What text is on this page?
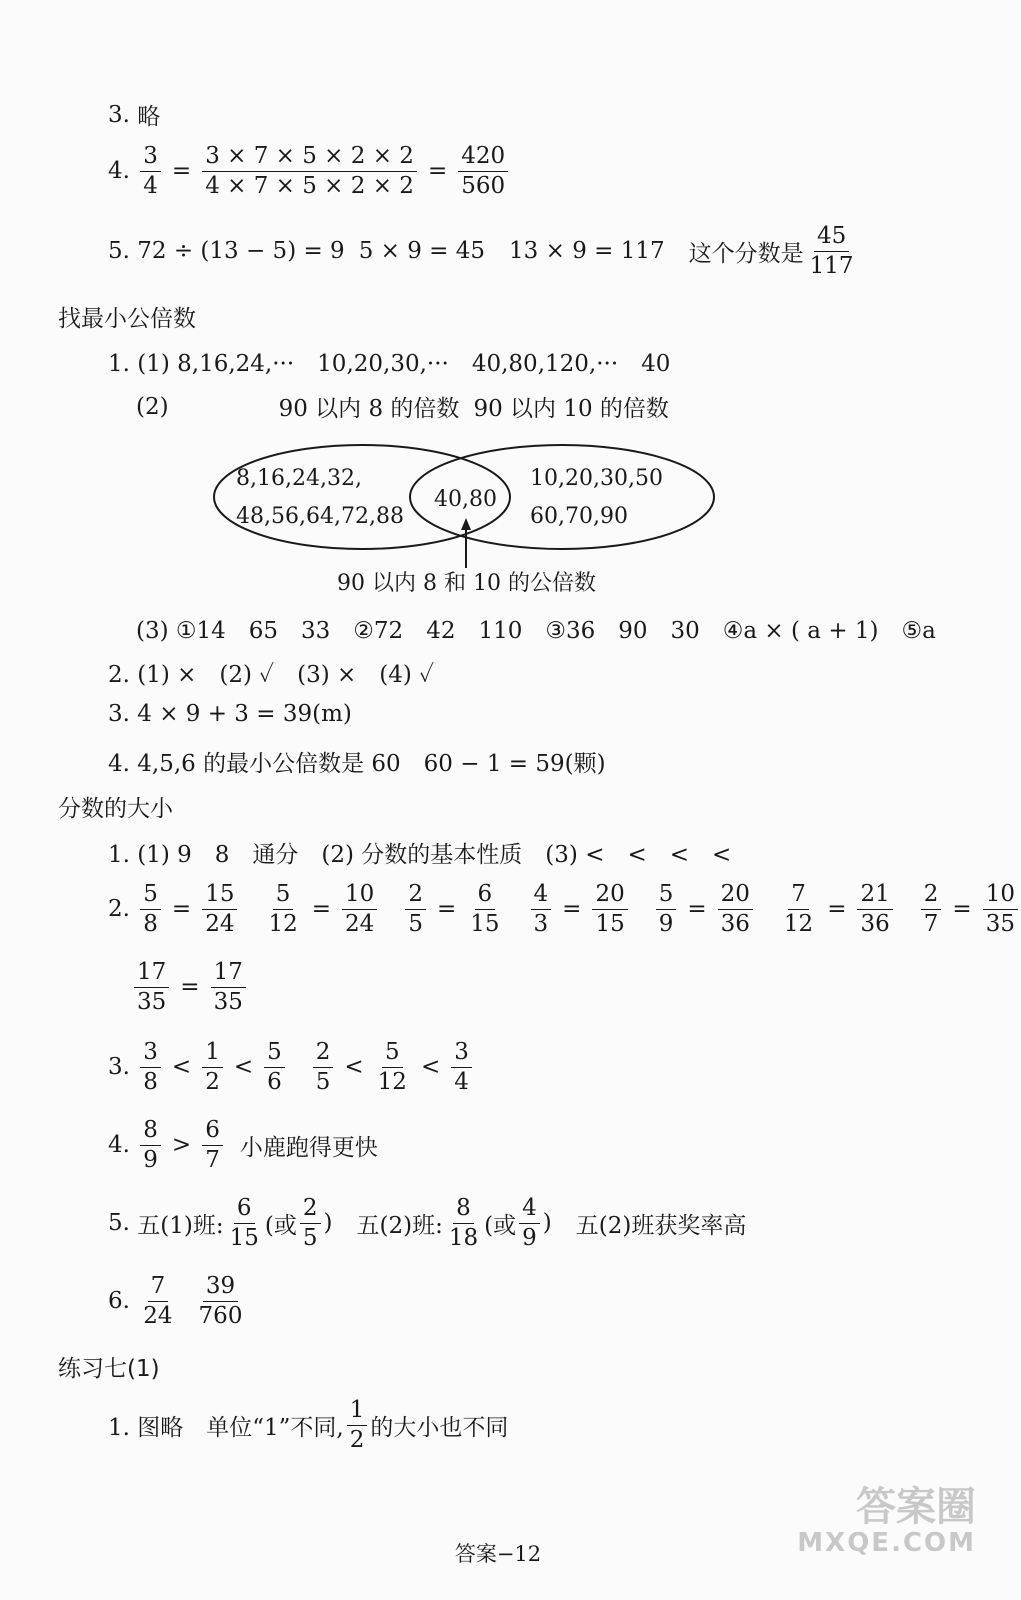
3.
略
4.
$\frac{3}{4} = \frac{3 \times 7 \times 5 \times 2 \times 2}{4 \times 7 \times 5 \times 2 \times 2} = \frac{420}{560}$
5.
72 ÷ (13 − 5) = 9 5 × 9 = 45 13 × 9 = 117 这个分数是 $\frac{45}{117}$
找最小公倍数
1. (1) 8,16,24,···　10,20,30,···　40,80,120,···　40
(2)	90 以内 8 的倍数 90 以内 10 的倍数
8,16,24,32,
48,56,64,72,88
40,80
10,20,30,50
60,70,90
90 以内 8 和 10 的公倍数
(3) ①14　65　33　②72　42　110　③36　90　30　④a × ( a + 1)　⑤a
2. (1) ×　(2) ✓　(3) ×　(4) ✓
3. 4 × 9 + 3 = 39(m)
4. 4,5,6 的最小公倍数是 60　60 − 1 = 59(颗)
分数的大小
1. (1) 9　8　通分　(2) 分数的基本性质　(3) <　<　<　<
2.
$\frac{5}{8} = \frac{15}{24} \frac{5}{12} = \frac{10}{24} \frac{2}{5} = \frac{6}{15} \frac{4}{3} = \frac{20}{15} \frac{5}{9} = \frac{20}{36} \frac{7}{12} = \frac{21}{36} \frac{2}{7} = \frac{10}{35}$
$\frac{17}{35} = \frac{17}{35}$
3.
$\frac{3}{8} < \frac{1}{2} < \frac{5}{6} \frac{2}{5} < \frac{5}{12} < \frac{3}{4}$
4.
$\frac{8}{9} > \frac{6}{7}$ 小鹿跑得更快
5.
五(1)班: $\frac{6}{15}$ (或 $\frac{2}{5}$ ) 五(2)班: $\frac{8}{18}$ (或 $\frac{4}{9}$ ) 五(2)班获奖率高
6.
$\frac{7}{24} \frac{39}{760}$
练习七(1)
1. 图略　单位“1”不同, $\frac{1}{2}$ 的大小也不同
答案−12
答案圈
MXQE.COM
